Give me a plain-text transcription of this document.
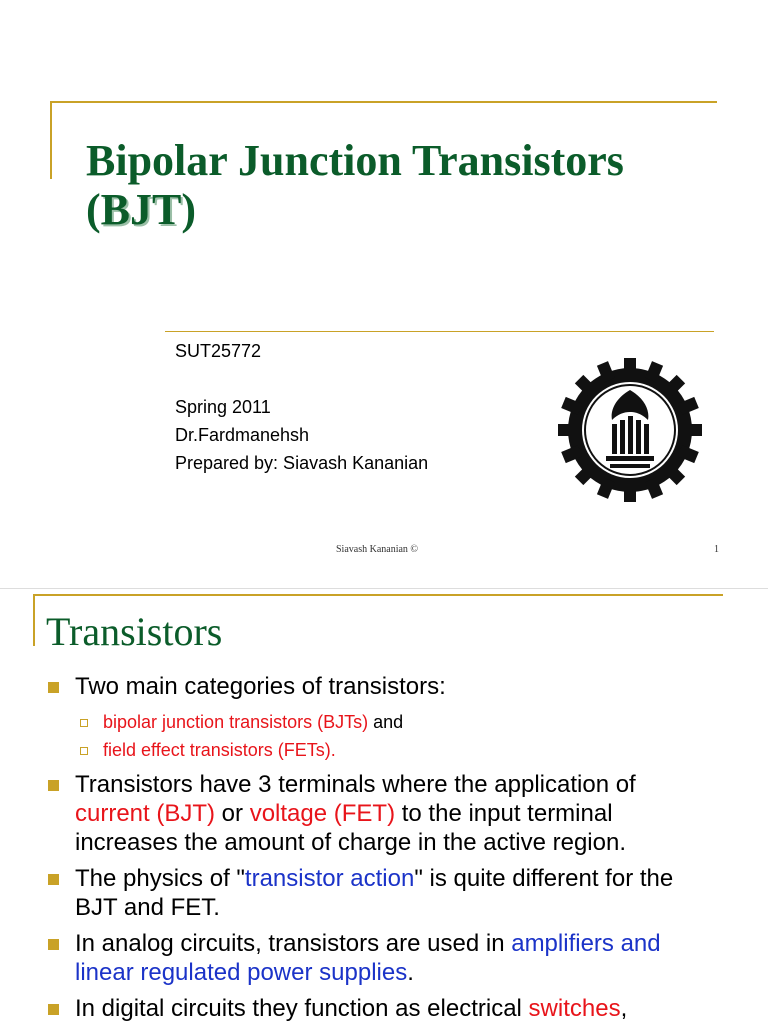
Bipolar Junction Transistors
(BJT)
SUT25772
Spring 2011
Dr.Fardmanehsh
Prepared by: Siavash Kananian
Siavash Kananian ©	1
Transistors
Two main categories of transistors:
bipolar junction transistors (BJTs) and
field effect transistors (FETs).
Transistors have 3 terminals where the application of current (BJT) or voltage (FET) to the input terminal increases the amount of charge in the active region.
The physics of "transistor action" is quite different for the BJT and FET.
In analog circuits, transistors are used in amplifiers and linear regulated power supplies.
In digital circuits they function as electrical switches,
